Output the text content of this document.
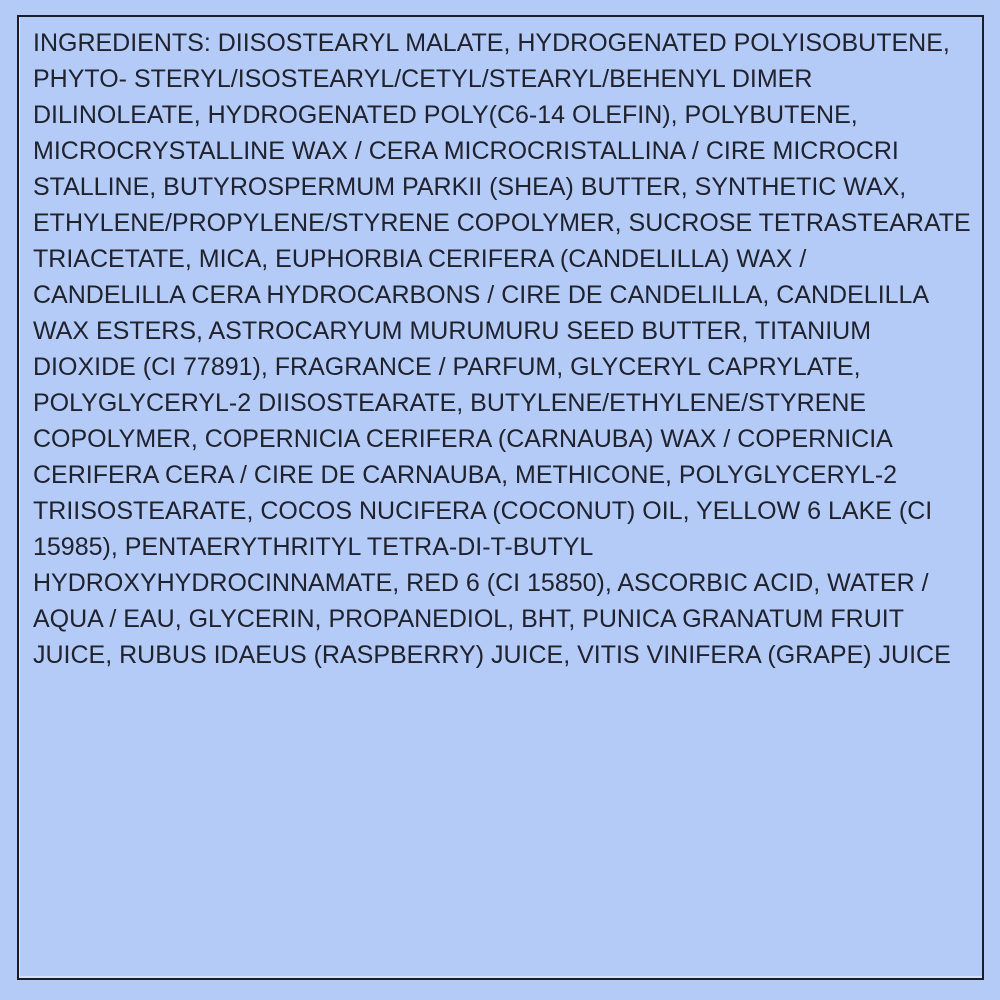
INGREDIENTS: DIISOSTEARYL MALATE, HYDROGENATED POLYISOBUTENE,
PHYTO- STERYL/ISOSTEARYL/CETYL/STEARYL/BEHENYL DIMER
DILINOLEATE, HYDROGENATED POLY(C6-14 OLEFIN), POLYBUTENE,
MICROCRYSTALLINE WAX / CERA MICROCRISTALLINA / CIRE MICROCRI
STALLINE, BUTYROSPERMUM PARKII (SHEA) BUTTER, SYNTHETIC WAX,
ETHYLENE/PROPYLENE/STYRENE COPOLYMER, SUCROSE TETRASTEARATE
TRIACETATE, MICA, EUPHORBIA CERIFERA (CANDELILLA) WAX /
CANDELILLA CERA HYDROCARBONS / CIRE DE CANDELILLA, CANDELILLA
WAX ESTERS, ASTROCARYUM MURUMURU SEED BUTTER, TITANIUM
DIOXIDE (CI 77891), FRAGRANCE / PARFUM, GLYCERYL CAPRYLATE,
POLYGLYCERYL-2 DIISOSTEARATE, BUTYLENE/ETHYLENE/STYRENE
COPOLYMER, COPERNICIA CERIFERA (CARNAUBA) WAX / COPERNICIA
CERIFERA CERA / CIRE DE CARNAUBA, METHICONE, POLYGLYCERYL-2
TRIISOSTEARATE, COCOS NUCIFERA (COCONUT) OIL, YELLOW 6 LAKE (CI
15985), PENTAERYTHRITYL TETRA-DI-T-BUTYL
HYDROXYHYDROCINNAMATE, RED 6 (CI 15850), ASCORBIC ACID, WATER /
AQUA / EAU, GLYCERIN, PROPANEDIOL, BHT, PUNICA GRANATUM FRUIT
JUICE, RUBUS IDAEUS (RASPBERRY) JUICE, VITIS VINIFERA (GRAPE) JUICE
